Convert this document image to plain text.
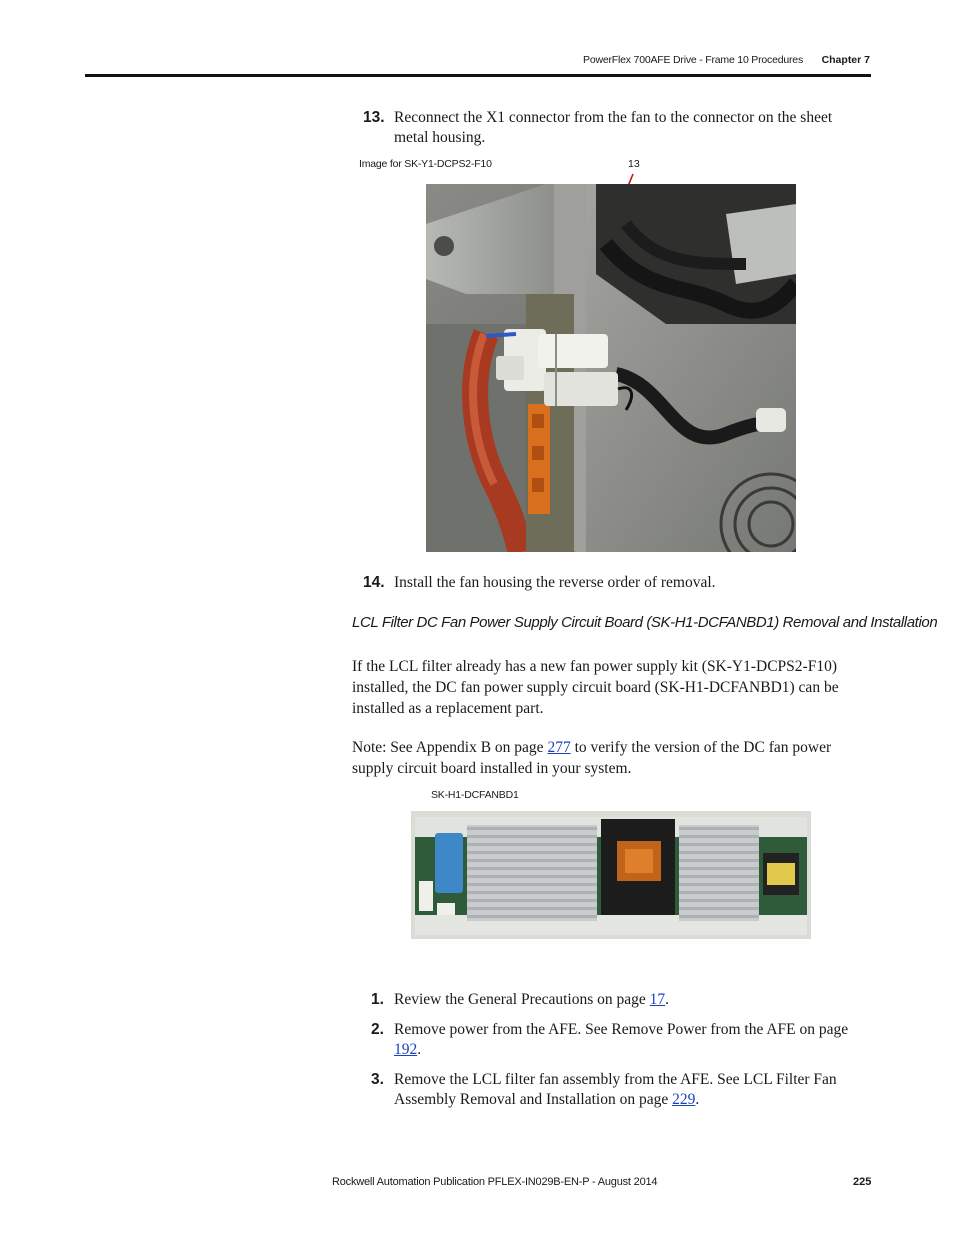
PowerFlex 700AFE Drive - Frame 10 Procedures Chapter 7
13. Reconnect the X1 connector from the fan to the connector on the sheet metal housing.
Image for SK-Y1-DCPS2-F10	13
14. Install the fan housing the reverse order of removal.
LCL Filter DC Fan Power Supply Circuit Board (SK-H1-DCFANBD1) Removal and Installation
If the LCL filter already has a new fan power supply kit (SK-Y1-DCPS2-F10) installed, the DC fan power supply circuit board (SK-H1-DCFANBD1) can be installed as a replacement part.
Note: See Appendix B on page 277 to verify the version of the DC fan power supply circuit board installed in your system.
SK-H1-DCFANBD1
1. Review the General Precautions on page 17.
2. Remove power from the AFE. See Remove Power from the AFE on page 192.
3. Remove the LCL filter fan assembly from the AFE. See LCL Filter Fan Assembly Removal and Installation on page 229.
Rockwell Automation Publication PFLEX-IN029B-EN-P - August 2014	225
